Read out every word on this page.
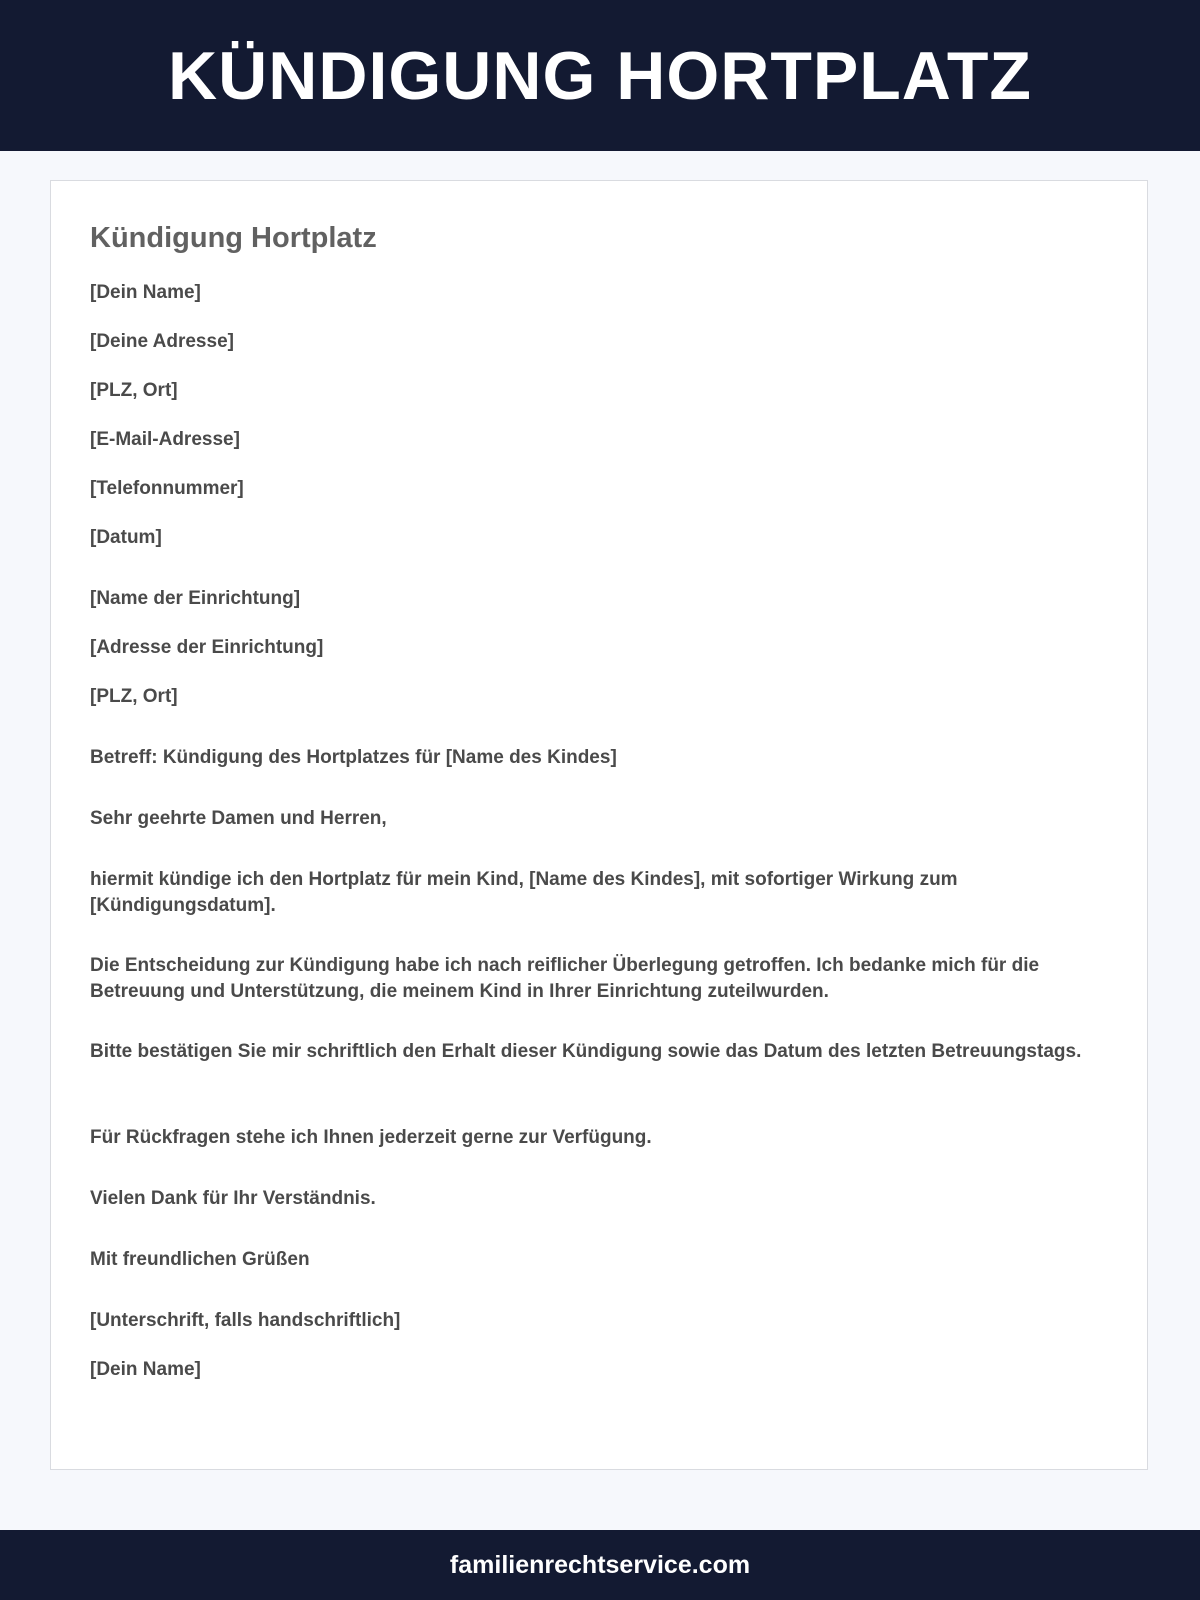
KÜNDIGUNG HORTPLATZ
Kündigung Hortplatz

[Dein Name]

[Deine Adresse]

[PLZ, Ort]

[E-Mail-Adresse]

[Telefonnummer]

[Datum]

[Name der Einrichtung]

[Adresse der Einrichtung]

[PLZ, Ort]

Betreff: Kündigung des Hortplatzes für [Name des Kindes]

Sehr geehrte Damen und Herren,

hiermit kündige ich den Hortplatz für mein Kind, [Name des Kindes], mit sofortiger Wirkung zum [Kündigungsdatum].

Die Entscheidung zur Kündigung habe ich nach reiflicher Überlegung getroffen. Ich bedanke mich für die Betreuung und Unterstützung, die meinem Kind in Ihrer Einrichtung zuteilwurden.

Bitte bestätigen Sie mir schriftlich den Erhalt dieser Kündigung sowie das Datum des letzten Betreuungstags.

Für Rückfragen stehe ich Ihnen jederzeit gerne zur Verfügung.

Vielen Dank für Ihr Verständnis.

Mit freundlichen Grüßen

[Unterschrift, falls handschriftlich]

[Dein Name]

familienrechtservice.com
